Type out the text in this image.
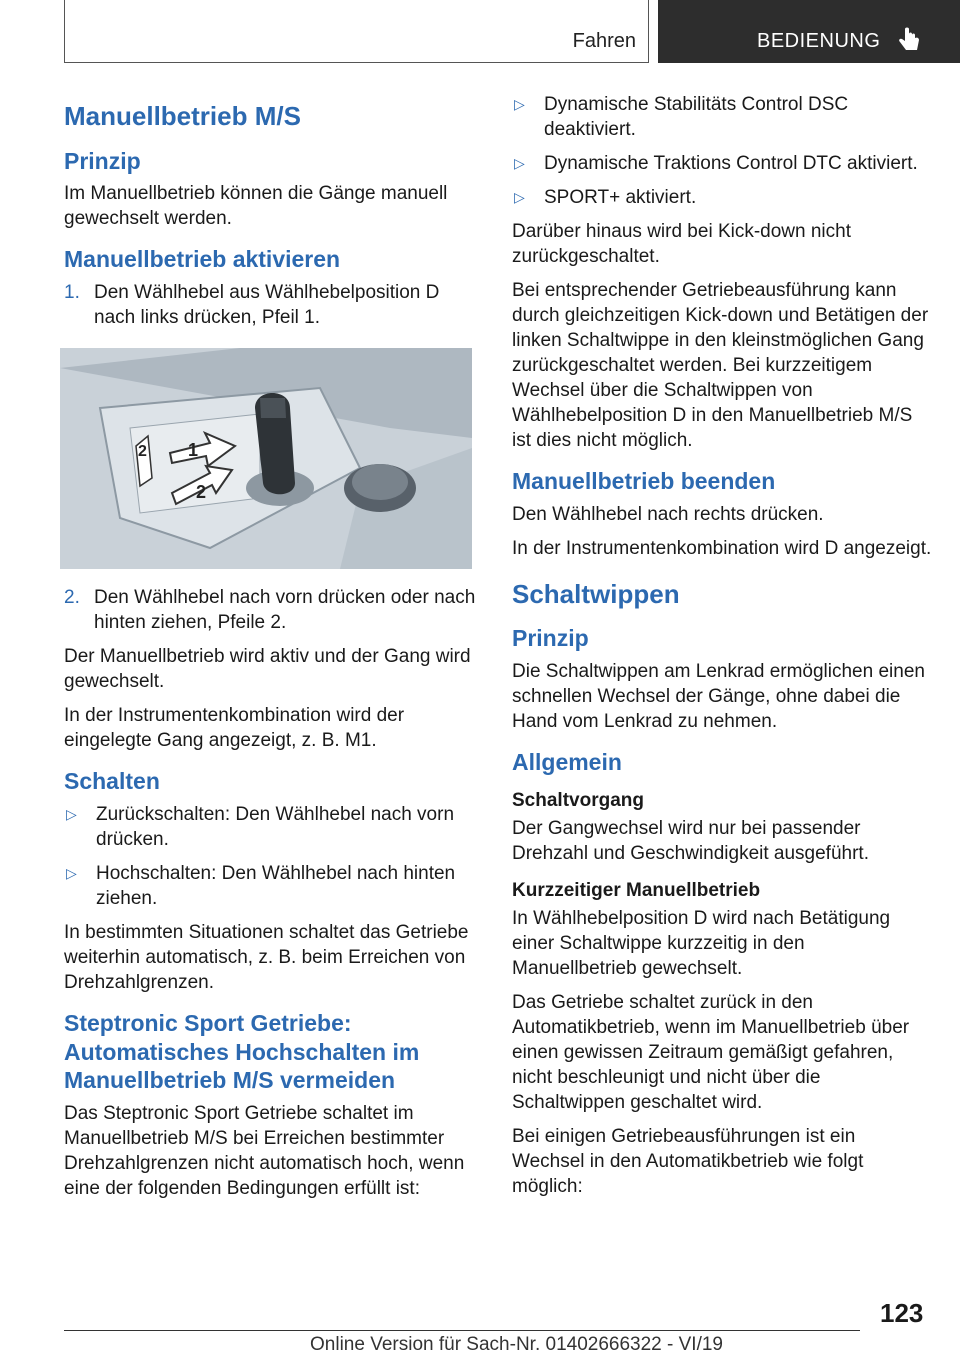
Fahren	BEDIENUNG
Manuellbetrieb M/S
Prinzip

Im Manuellbetrieb können die Gänge manuell gewechselt werden.

Manuellbetrieb aktivieren
1. Den Wählhebel aus Wählhebelposition D nach links drücken, Pfeil 1.
1
2
2
2. Den Wählhebel nach vorn drücken oder nach hinten ziehen, Pfeile 2.

Der Manuellbetrieb wird aktiv und der Gang wird gewechselt.

In der Instrumentenkombination wird der eingelegte Gang angezeigt, z. B. M1.

Schalten
▷	Zurückschalten: Den Wählhebel nach vorn drücken.
▷	Hochschalten: Den Wählhebel nach hinten ziehen.

In bestimmten Situationen schaltet das Getriebe weiterhin automatisch, z. B. beim Erreichen von Drehzahlgrenzen.

Steptronic Sport Getriebe: Automatisches Hochschalten im Manuellbetrieb M/S vermeiden

Das Steptronic Sport Getriebe schaltet im Manuellbetrieb M/S bei Erreichen bestimmter Drehzahlgrenzen nicht automatisch hoch, wenn eine der folgenden Bedingungen erfüllt ist:

▷	Dynamische Stabilitäts Control DSC deaktiviert.
▷	Dynamische Traktions Control DTC aktiviert.
▷	SPORT+ aktiviert.

Darüber hinaus wird bei Kick-down nicht zurückgeschaltet.

Bei entsprechender Getriebeausführung kann durch gleichzeitigen Kick-down und Betätigen der linken Schaltwippe in den kleinstmöglichen Gang zurückgeschaltet werden. Bei kurzzeitigem Wechsel über die Schaltwippen von Wählhebelposition D in den Manuellbetrieb M/S ist dies nicht möglich.

Manuellbetrieb beenden

Den Wählhebel nach rechts drücken.

In der Instrumentenkombination wird D angezeigt.

Schaltwippen
Prinzip

Die Schaltwippen am Lenkrad ermöglichen einen schnellen Wechsel der Gänge, ohne dabei die Hand vom Lenkrad zu nehmen.

Allgemein
Schaltvorgang

Der Gangwechsel wird nur bei passender Drehzahl und Geschwindigkeit ausgeführt.

Kurzzeitiger Manuellbetrieb

In Wählhebelposition D wird nach Betätigung einer Schaltwippe kurzzeitig in den Manuellbetrieb gewechselt.

Das Getriebe schaltet zurück in den Automatikbetrieb, wenn im Manuellbetrieb über einen gewissen Zeitraum gemäßigt gefahren, nicht beschleunigt und nicht über die Schaltwippen geschaltet wird.

Bei einigen Getriebeausführungen ist ein Wechsel in den Automatikbetrieb wie folgt möglich:

123
Online Version für Sach-Nr. 01402666322 - VI/19
